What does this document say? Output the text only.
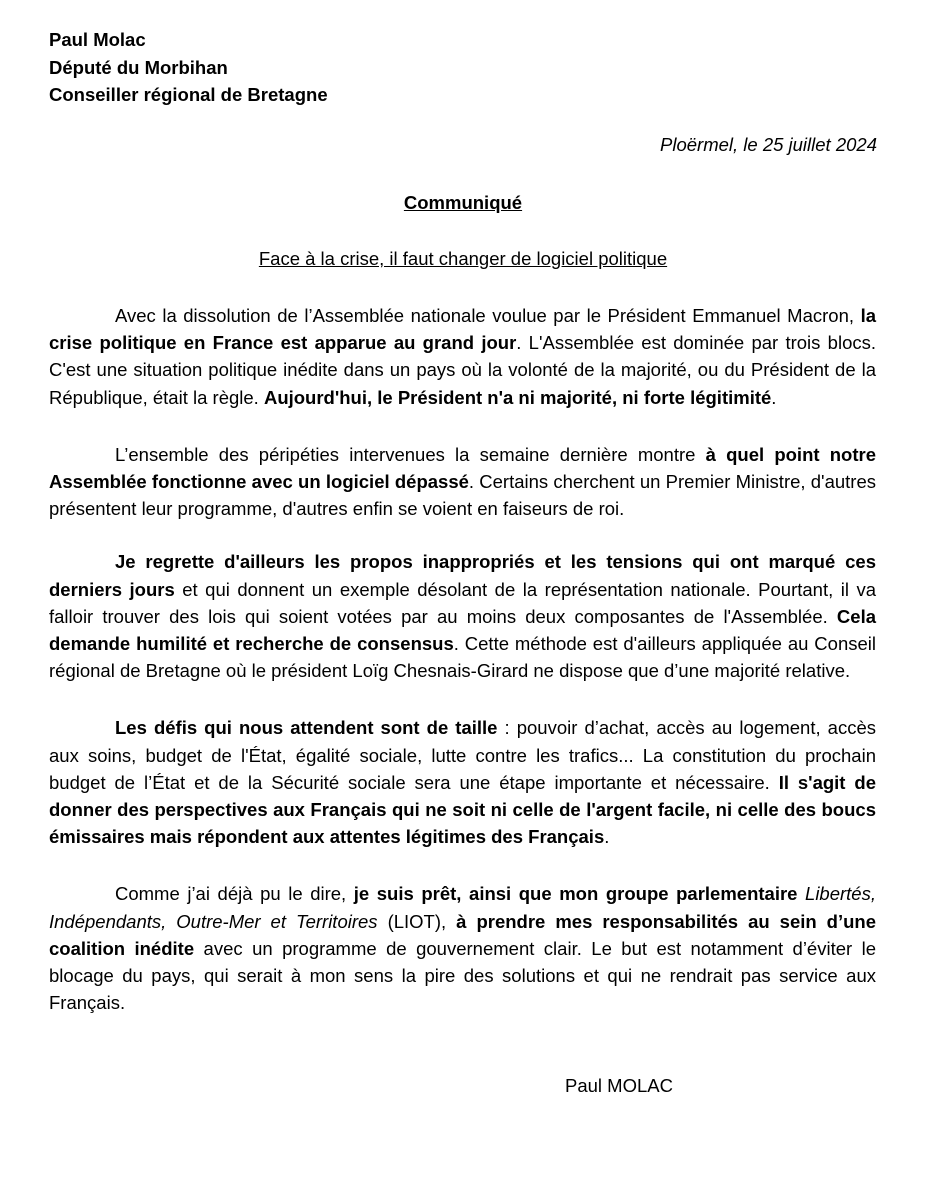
Paul Molac
Député du Morbihan
Conseiller régional de Bretagne
Ploërmel, le 25 juillet 2024
Communiqué
Face à la crise, il faut changer de logiciel politique

Avec la dissolution de l’Assemblée nationale voulue par le Président Emmanuel Macron, la crise politique en France est apparue au grand jour. L'Assemblée est dominée par trois blocs. C'est une situation politique inédite dans un pays où la volonté de la majorité, ou du Président de la République, était la règle. Aujourd'hui, le Président n'a ni majorité, ni forte légitimité.

L’ensemble des péripéties intervenues la semaine dernière montre à quel point notre Assemblée fonctionne avec un logiciel dépassé. Certains cherchent un Premier Ministre, d'autres présentent leur programme, d'autres enfin se voient en faiseurs de roi.

Je regrette d'ailleurs les propos inappropriés et les tensions qui ont marqué ces derniers jours et qui donnent un exemple désolant de la représentation nationale. Pourtant, il va falloir trouver des lois qui soient votées par au moins deux composantes de l'Assemblée. Cela demande humilité et recherche de consensus. Cette méthode est d'ailleurs appliquée au Conseil régional de Bretagne où le président Loïg Chesnais-Girard ne dispose que d’une majorité relative.

Les défis qui nous attendent sont de taille : pouvoir d’achat, accès au logement, accès aux soins, budget de l'État, égalité sociale, lutte contre les trafics... La constitution du prochain budget de l’État et de la Sécurité sociale sera une étape importante et nécessaire. Il s'agit de donner des perspectives aux Français qui ne soit ni celle de l'argent facile, ni celle des boucs émissaires mais répondent aux attentes légitimes des Français.

Comme j’ai déjà pu le dire, je suis prêt, ainsi que mon groupe parlementaire Libertés, Indépendants, Outre-Mer et Territoires (LIOT), à prendre mes responsabilités au sein d’une coalition inédite avec un programme de gouvernement clair. Le but est notamment d’éviter le blocage du pays, qui serait à mon sens la pire des solutions et qui ne rendrait pas service aux Français.

Paul MOLAC
